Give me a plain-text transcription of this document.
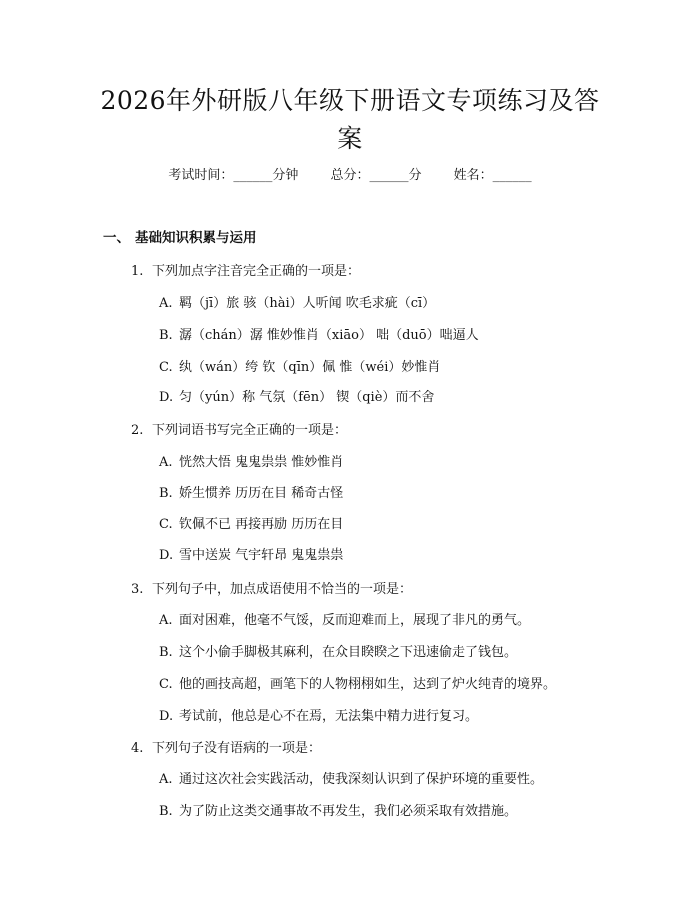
2026年外研版八年级下册语文专项练习及答案
考试时间：______分钟 总分：______分 姓名：______
一、 基础知识积累与运用
1. 下列加点字注音完全正确的一项是：
A. 羁（jī）旅 骇（hài）人听闻 吹毛求疵（cī）
B. 潺（chán）潺 惟妙惟肖（xiāo） 咄（duō）咄逼人
C. 纨（wán）绔 钦（qīn）佩 惟（wéi）妙惟肖
D. 匀（yún）称 气氛（fēn） 锲（qiè）而不舍
2. 下列词语书写完全正确的一项是：
A. 恍然大悟 鬼鬼祟祟 惟妙惟肖
B. 娇生惯养 历历在目 稀奇古怪
C. 钦佩不已 再接再励 历历在目
D. 雪中送炭 气宇轩昂 鬼鬼祟祟
3. 下列句子中，加点成语使用不恰当的一项是：
A. 面对困难，他毫不气馁，反而迎难而上，展现了非凡的勇气。
B. 这个小偷手脚极其麻利，在众目睽睽之下迅速偷走了钱包。
C. 他的画技高超，画笔下的人物栩栩如生，达到了炉火纯青的境界。
D. 考试前，他总是心不在焉，无法集中精力进行复习。
4. 下列句子没有语病的一项是：
A. 通过这次社会实践活动，使我深刻认识到了保护环境的重要性。
B. 为了防止这类交通事故不再发生，我们必须采取有效措施。
